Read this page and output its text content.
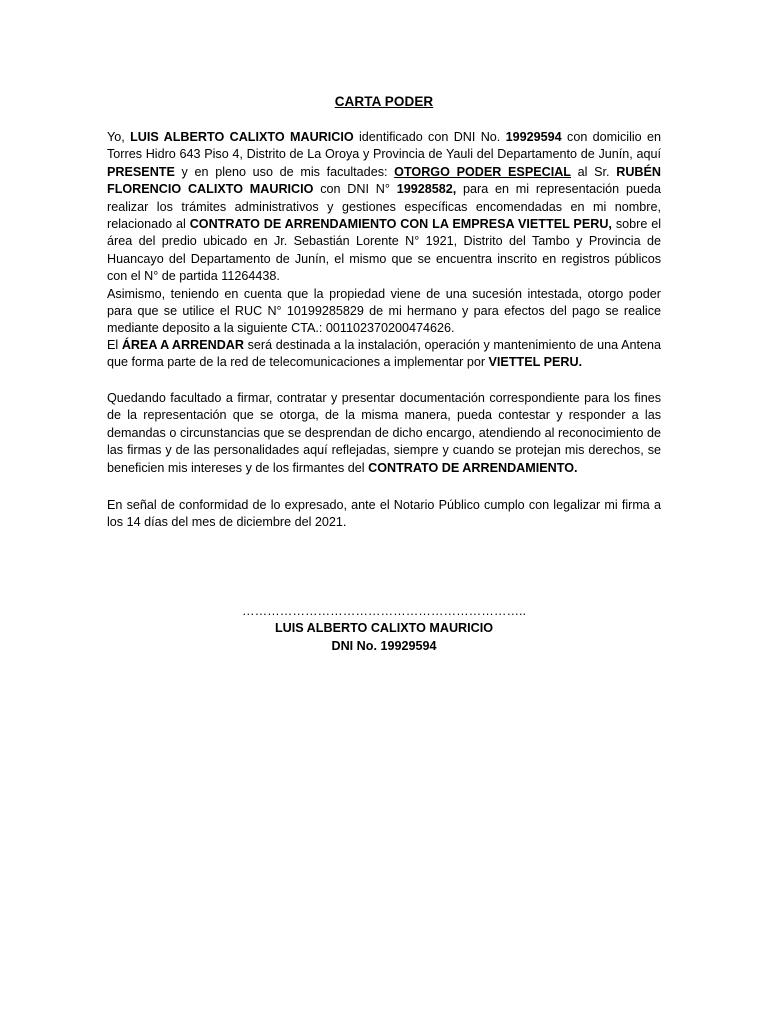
CARTA PODER

Yo, LUIS ALBERTO CALIXTO MAURICIO identificado con DNI No. 19929594 con domicilio en Torres Hidro 643 Piso 4, Distrito de La Oroya y Provincia de Yauli del Departamento de Junín, aquí PRESENTE y en pleno uso de mis facultades: OTORGO PODER ESPECIAL al Sr. RUBÉN FLORENCIO CALIXTO MAURICIO con DNI N° 19928582, para en mi representación pueda realizar los trámites administrativos y gestiones específicas encomendadas en mi nombre, relacionado al CONTRATO DE ARRENDAMIENTO CON LA EMPRESA VIETTEL PERU, sobre el área del predio ubicado en Jr. Sebastián Lorente N° 1921, Distrito del Tambo y Provincia de Huancayo del Departamento de Junín, el mismo que se encuentra inscrito en registros públicos con el N° de partida 11264438.

Asimismo, teniendo en cuenta que la propiedad viene de una sucesión intestada, otorgo poder para que se utilice el RUC N° 10199285829 de mi hermano y para efectos del pago se realice mediante deposito a la siguiente CTA.: 001102370200474626.

El ÁREA A ARRENDAR será destinada a la instalación, operación y mantenimiento de una Antena que forma parte de la red de telecomunicaciones a implementar por VIETTEL PERU.

Quedando facultado a firmar, contratar y presentar documentación correspondiente para los fines de la representación que se otorga, de la misma manera, pueda contestar y responder a las demandas o circunstancias que se desprendan de dicho encargo, atendiendo al reconocimiento de las firmas y de las personalidades aquí reflejadas, siempre y cuando se protejan mis derechos, se beneficien mis intereses y de los firmantes del CONTRATO DE ARRENDAMIENTO.

En señal de conformidad de lo expresado, ante el Notario Público cumplo con legalizar mi firma a los 14 días del mes de diciembre del 2021.

…………………………………………………………..
LUIS ALBERTO CALIXTO MAURICIO
DNI No. 19929594
